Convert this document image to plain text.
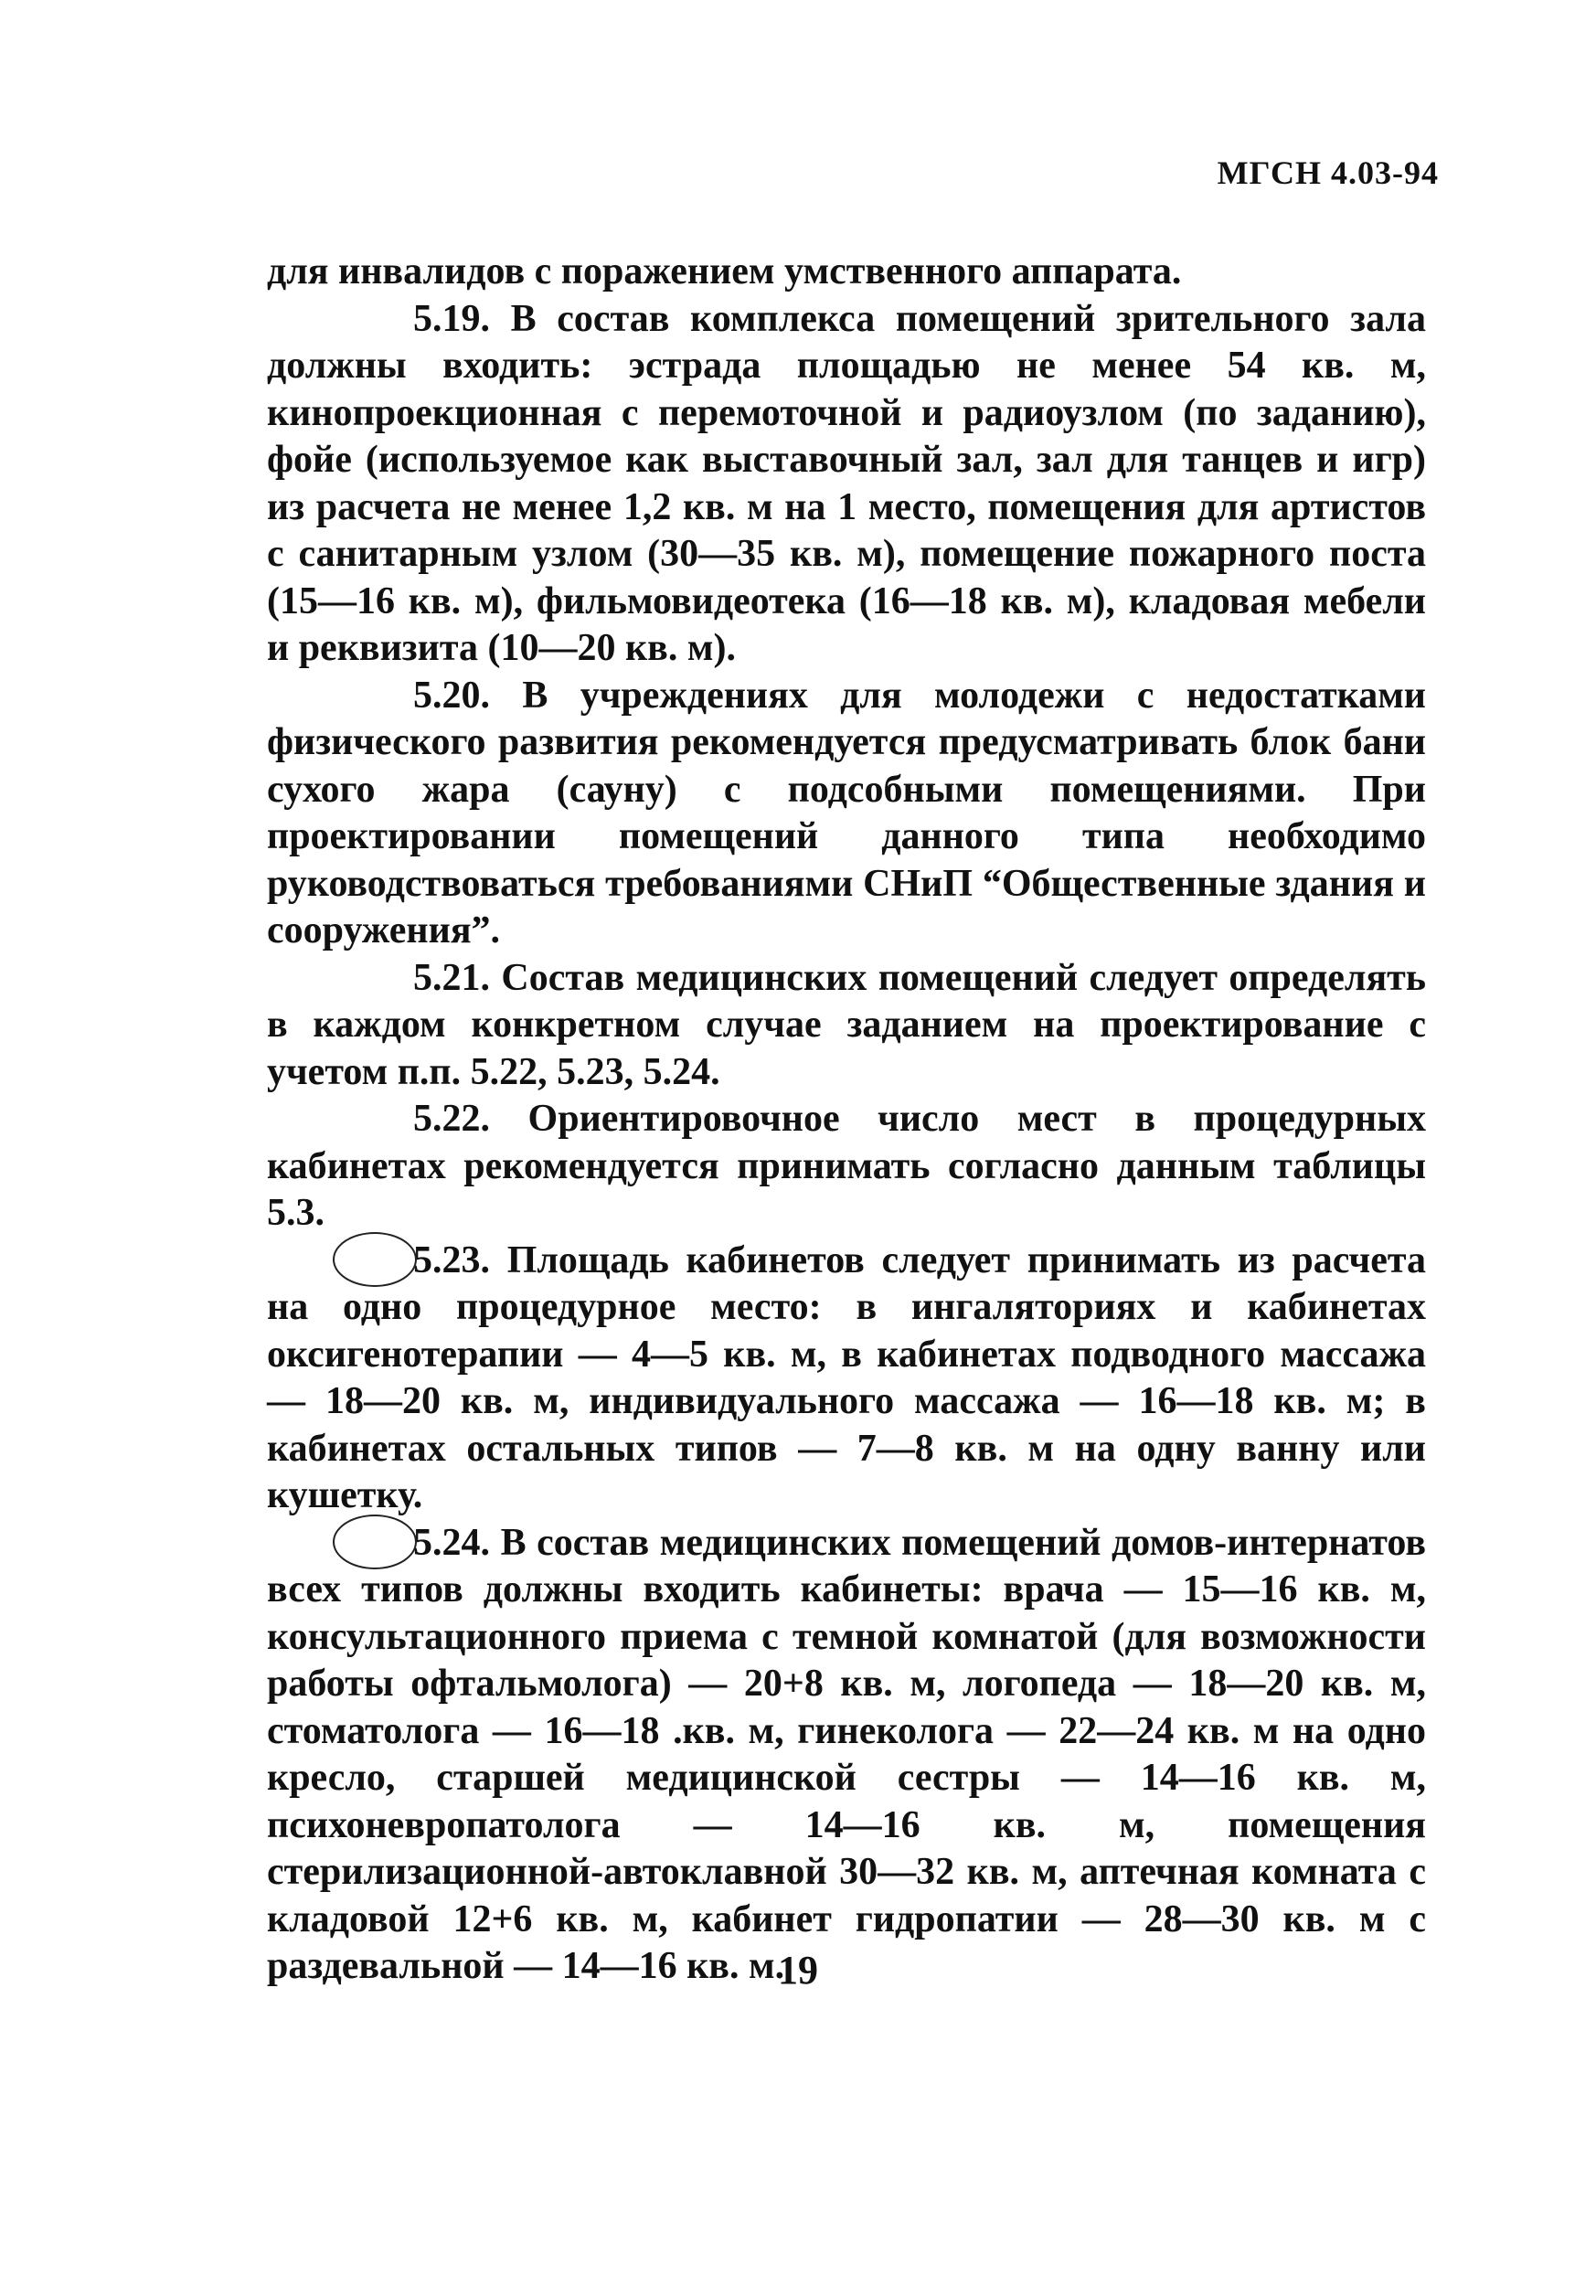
МГСН 4.03-94

для инвалидов с поражением умственного аппарата.

5.19. В состав комплекса помещений зрительного зала должны входить: эстрада площадью не менее 54 кв. м, кинопроекционная с перемоточной и радиоузлом (по заданию), фойе (используемое как выставочный зал, зал для танцев и игр) из расчета не менее 1,2 кв. м на 1 место, помещения для артистов с санитарным узлом (30—35 кв. м), помещение пожарного поста (15—16 кв. м), фильмовидеотека (16—18 кв. м), кладовая мебели и реквизита (10—20 кв. м).

5.20. В учреждениях для молодежи с недостатками физического развития рекомендуется предусматривать блок бани сухого жара (сауну) с подсобными помещениями. При проектировании помещений данного типа необходимо руководствоваться требованиями СНиП “Общественные здания и сооружения”.

5.21. Состав медицинских помещений следует определять в каждом конкретном случае заданием на проектирование с учетом п.п. 5.22, 5.23, 5.24.

5.22. Ориентировочное число мест в процедурных кабинетах рекомендуется принимать согласно данным таблицы 5.3.

5.23. Площадь кабинетов следует принимать из расчета на одно процедурное место: в ингаляториях и кабинетах оксигенотерапии — 4—5 кв. м, в кабинетах подводного массажа — 18—20 кв. м, индивидуального массажа — 16—18 кв. м; в кабинетах остальных типов — 7—8 кв. м на одну ванну или кушетку.

5.24. В состав медицинских помещений домов-интернатов всех типов должны входить кабинеты: врача — 15—16 кв. м, консультационного приема с темной комнатой (для возможности работы офтальмолога) — 20+8 кв. м, логопеда — 18—20 кв. м, стоматолога — 16—18 .кв. м, гинеколога — 22—24 кв. м на одно кресло, старшей медицинской сестры — 14—16 кв. м, психоневропатолога — 14—16 кв. м, помещения стерилизационной-автоклавной 30—32 кв. м, аптечная комната с кладовой 12+6 кв. м, кабинет гидропатии — 28—30 кв. м с раздевальной — 14—16 кв. м.

19
